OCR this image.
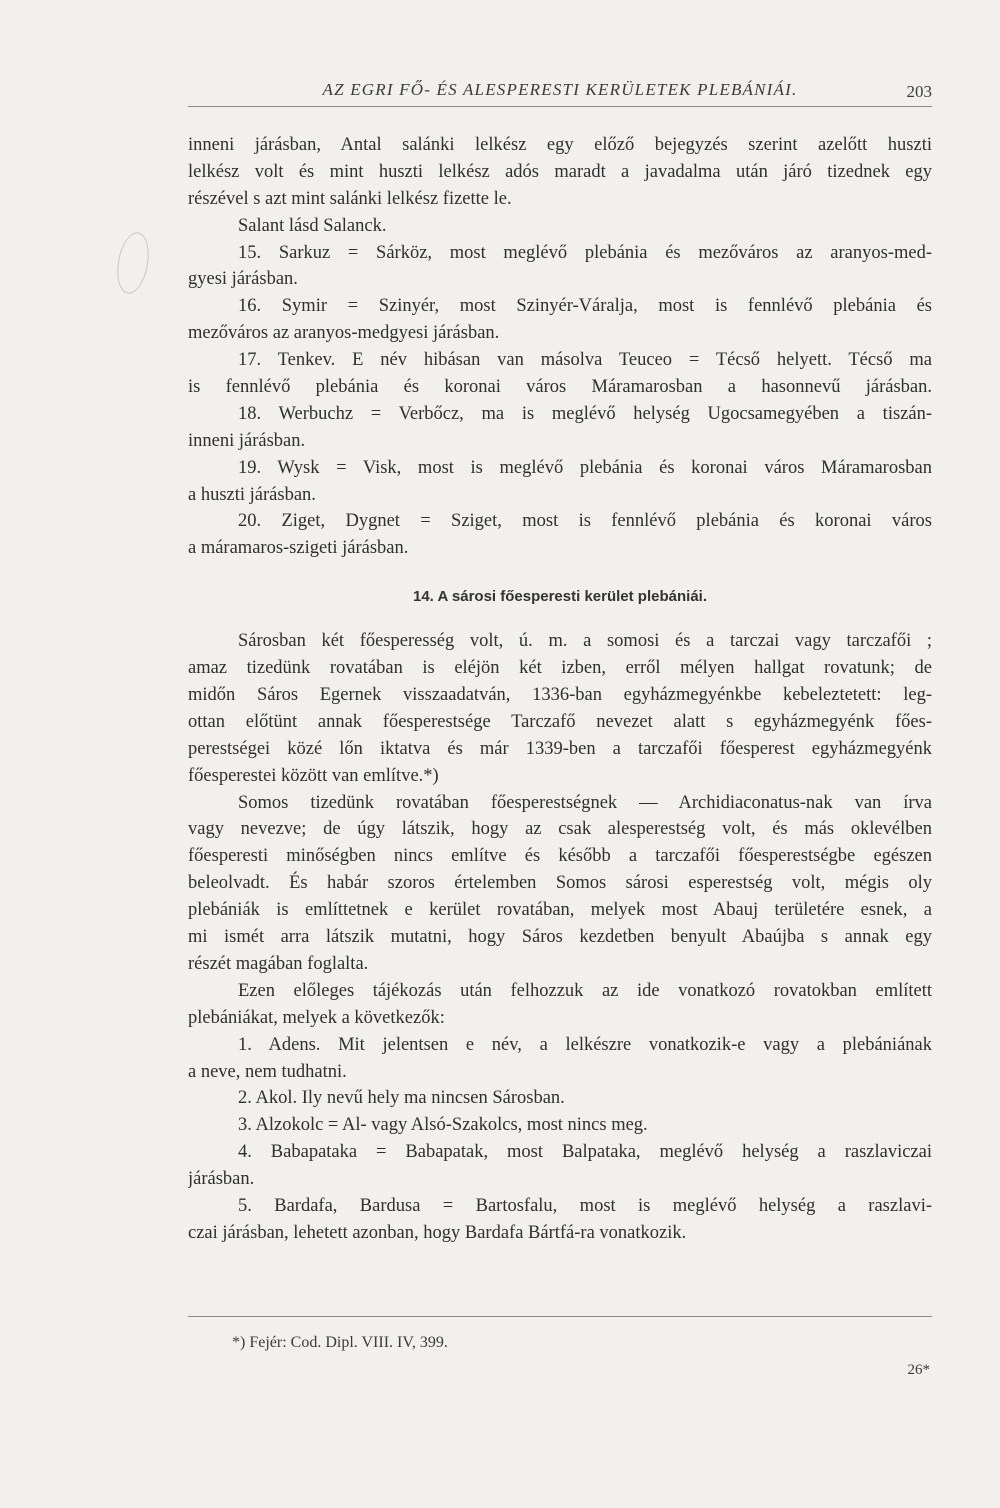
AZ EGRI FŐ- ÉS ALESPERESTI KERÜLETEK PLEBÁNIÁI.	203
inneni járásban, Antal salánki lelkész egy előző bejegyzés szerint azelőtt huszti
lelkész volt és mint huszti lelkész adós maradt a javadalma után járó tizednek egy
részével s azt mint salánki lelkész fizette le.
Salant lásd Salanck.
15. Sarkuz = Sárköz, most meglévő plebánia és mezőváros az aranyos-med-
gyesi járásban.
16. Symir = Szinyér, most Szinyér-Váralja, most is fennlévő plebánia és
mezőváros az aranyos-medgyesi járásban.
17. Tenkev. E név hibásan van másolva Teuceo = Técső helyett. Técső ma
is fennlévő plebánia és koronai város Máramarosban a hasonnevű járásban.
18. Werbuchz = Verbőcz, ma is meglévő helység Ugocsamegyében a tiszán-
inneni járásban.
19. Wysk = Visk, most is meglévő plebánia és koronai város Máramarosban
a huszti járásban.
20. Ziget, Dygnet = Sziget, most is fennlévő plebánia és koronai város
a máramaros-szigeti járásban.
14. A sárosi főesperesti kerület plebániái.
Sárosban két főesperesség volt, ú. m. a somosi és a tarczai vagy tarczafői ;
amaz tizedünk rovatában is eléjön két izben, erről mélyen hallgat rovatunk; de
midőn Sáros Egernek visszaadatván, 1336-ban egyházmegyénkbe kebeleztetett: leg-
ottan előtünt annak főesperestsége Tarczafő nevezet alatt s egyházmegyénk főes-
perestségei közé lőn iktatva és már 1339-ben a tarczafői főesperest egyházmegyénk
főesperestei között van említve.*)
Somos tizedünk rovatában főesperestségnek — Archidiaconatus-nak van írva
vagy nevezve; de úgy látszik, hogy az csak alesperestség volt, és más oklevélben
főesperesti minőségben nincs említve és később a tarczafői főesperestségbe egészen
beleolvadt. És habár szoros értelemben Somos sárosi esperestség volt, mégis oly
plebániák is említtetnek e kerület rovatában, melyek most Abauj területére esnek, a
mi ismét arra látszik mutatni, hogy Sáros kezdetben benyult Abaújba s annak egy
részét magában foglalta.
Ezen előleges tájékozás után felhozzuk az ide vonatkozó rovatokban említett
plebániákat, melyek a következők:
1. Adens. Mit jelentsen e név, a lelkészre vonatkozik-e vagy a plebániának
a neve, nem tudhatni.
2. Akol. Ily nevű hely ma nincsen Sárosban.
3. Alzokolc = Al- vagy Alsó-Szakolcs, most nincs meg.
4. Babapataka = Babapatak, most Balpataka, meglévő helység a raszlaviczai
járásban.
5. Bardafa, Bardusa = Bartosfalu, most is meglévő helység a raszlavi-
czai járásban, lehetett azonban, hogy Bardafa Bártfá-ra vonatkozik.
*) Fejér: Cod. Dipl. VIII. IV, 399.
26*
